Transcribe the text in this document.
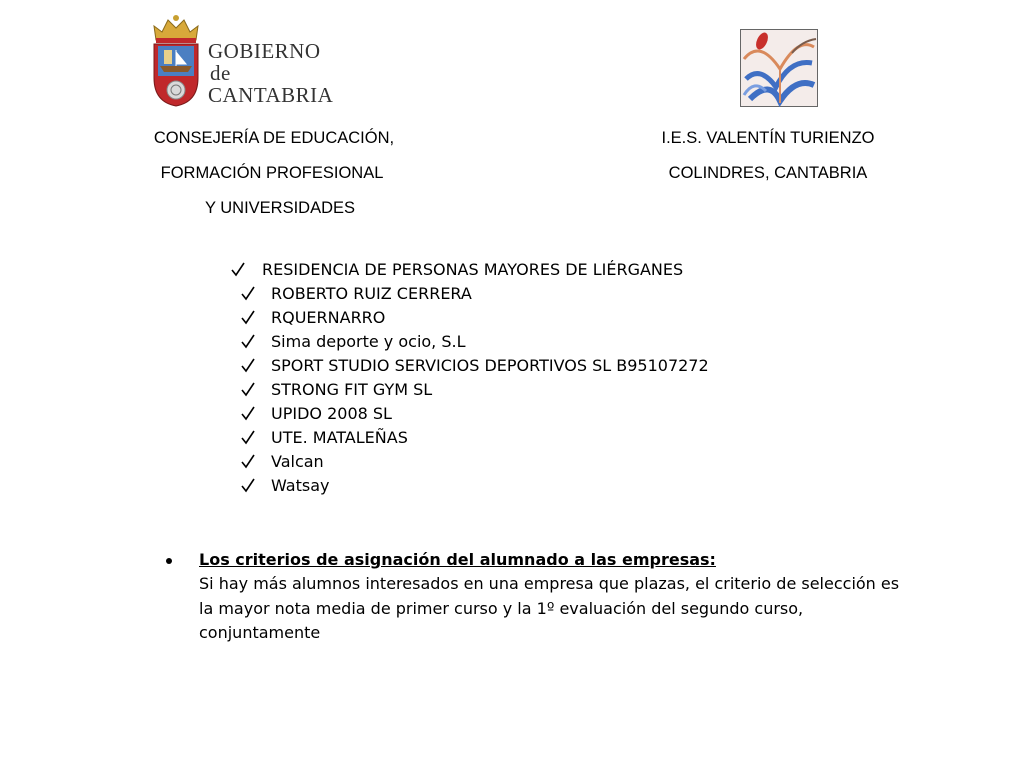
GOBIERNO
de
CANTABRIA
CONSEJERÍA DE EDUCACIÓN,
FORMACIÓN PROFESIONAL
Y UNIVERSIDADES
I.E.S. VALENTÍN TURIENZO
COLINDRES, CANTABRIA
RESIDENCIA DE PERSONAS MAYORES DE LIÉRGANES
ROBERTO RUIZ CERRERA
RQUERNARRO
Sima deporte y ocio, S.L
SPORT STUDIO SERVICIOS DEPORTIVOS SL B95107272
STRONG FIT GYM SL
UPIDO 2008 SL
UTE. MATALEÑAS
Valcan
Watsay
Los criterios de asignación del alumnado a las empresas:
Si hay más alumnos interesados en una empresa que plazas, el criterio de selección es la mayor nota media de primer curso y la 1º evaluación del segundo curso, conjuntamente
